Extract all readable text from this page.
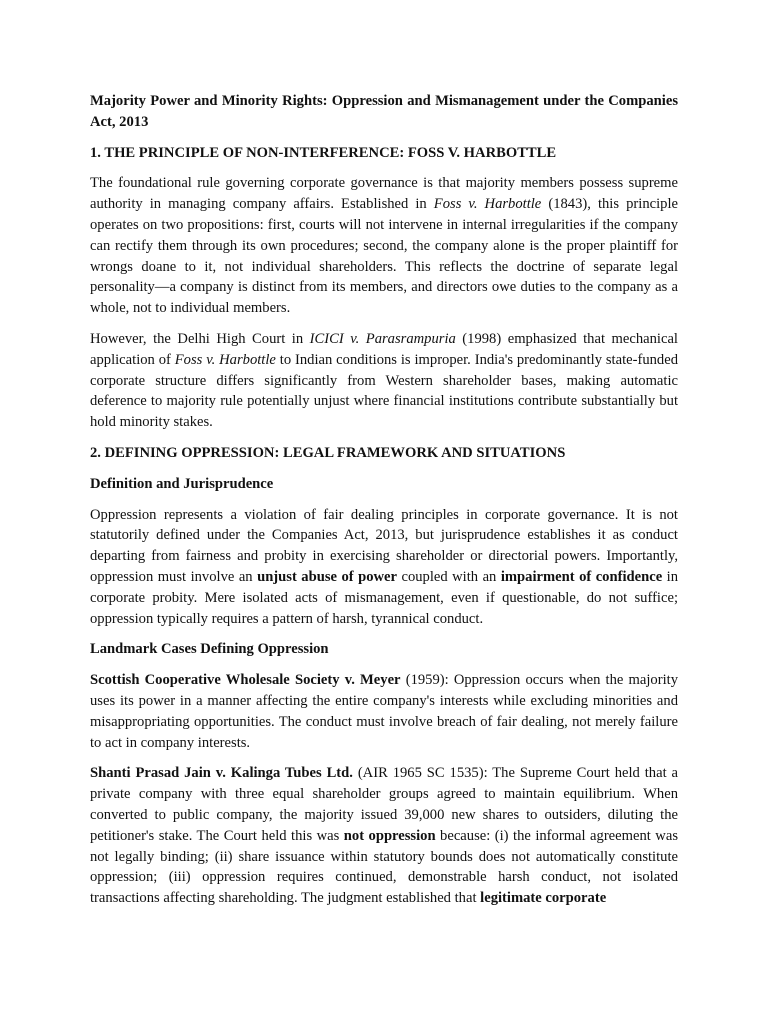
Majority Power and Minority Rights: Oppression and Mismanagement under the Companies Act, 2013
1. THE PRINCIPLE OF NON-INTERFERENCE: FOSS V. HARBOTTLE
The foundational rule governing corporate governance is that majority members possess supreme authority in managing company affairs. Established in Foss v. Harbottle (1843), this principle operates on two propositions: first, courts will not intervene in internal irregularities if the company can rectify them through its own procedures; second, the company alone is the proper plaintiff for wrongs doane to it, not individual shareholders. This reflects the doctrine of separate legal personality—a company is distinct from its members, and directors owe duties to the company as a whole, not to individual members.
However, the Delhi High Court in ICICI v. Parasrampuria (1998) emphasized that mechanical application of Foss v. Harbottle to Indian conditions is improper. India's predominantly state-funded corporate structure differs significantly from Western shareholder bases, making automatic deference to majority rule potentially unjust where financial institutions contribute substantially but hold minority stakes.
2. DEFINING OPPRESSION: LEGAL FRAMEWORK AND SITUATIONS
Definition and Jurisprudence
Oppression represents a violation of fair dealing principles in corporate governance. It is not statutorily defined under the Companies Act, 2013, but jurisprudence establishes it as conduct departing from fairness and probity in exercising shareholder or directorial powers. Importantly, oppression must involve an unjust abuse of power coupled with an impairment of confidence in corporate probity. Mere isolated acts of mismanagement, even if questionable, do not suffice; oppression typically requires a pattern of harsh, tyrannical conduct.
Landmark Cases Defining Oppression
Scottish Cooperative Wholesale Society v. Meyer (1959): Oppression occurs when the majority uses its power in a manner affecting the entire company's interests while excluding minorities and misappropriating opportunities. The conduct must involve breach of fair dealing, not merely failure to act in company interests.
Shanti Prasad Jain v. Kalinga Tubes Ltd. (AIR 1965 SC 1535): The Supreme Court held that a private company with three equal shareholder groups agreed to maintain equilibrium. When converted to public company, the majority issued 39,000 new shares to outsiders, diluting the petitioner's stake. The Court held this was not oppression because: (i) the informal agreement was not legally binding; (ii) share issuance within statutory bounds does not automatically constitute oppression; (iii) oppression requires continued, demonstrable harsh conduct, not isolated transactions affecting shareholding. The judgment established that legitimate corporate
